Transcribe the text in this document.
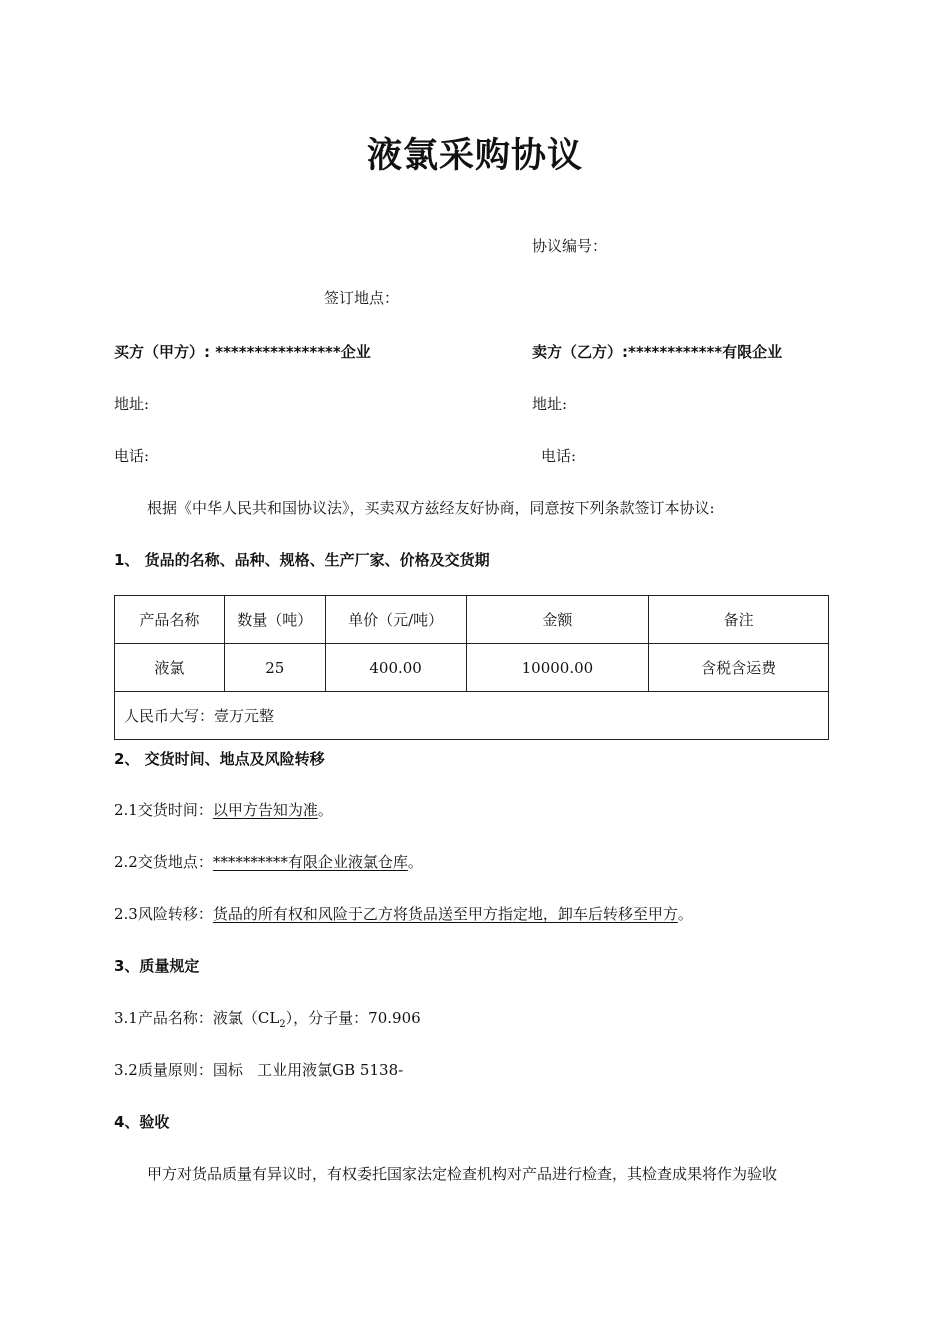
液氯采购协议
协议编号：
签订地点：
买方（甲方）: ****************企业	卖方（乙方）:************有限企业
地址:	地址:
电话:	电话:
根据《中华人民共和国协议法》，买卖双方兹经友好协商，同意按下列条款签订本协议:
1、 货品的名称、品种、规格、生产厂家、价格及交货期
产品名称	数量（吨）	单价（元/吨）	金额	备注
液氯	25	400.00	10000.00	含税含运费
人民币大写：壹万元整				
2、 交货时间、地点及风险转移
2.1交货时间：以甲方告知为准。
2.2交货地点：**********有限企业液氯仓库。
2.3风险转移：货品的所有权和风险于乙方将货品送至甲方指定地，卸车后转移至甲方。
3、质量规定
3.1产品名称：液氯$(CL_2)$，分子量：70.906
3.2质量原则：国标   工业用液氯GB 5138-
4、验收
甲方对货品质量有异议时，有权委托国家法定检查机构对产品进行检查，其检查成果将作为验收
